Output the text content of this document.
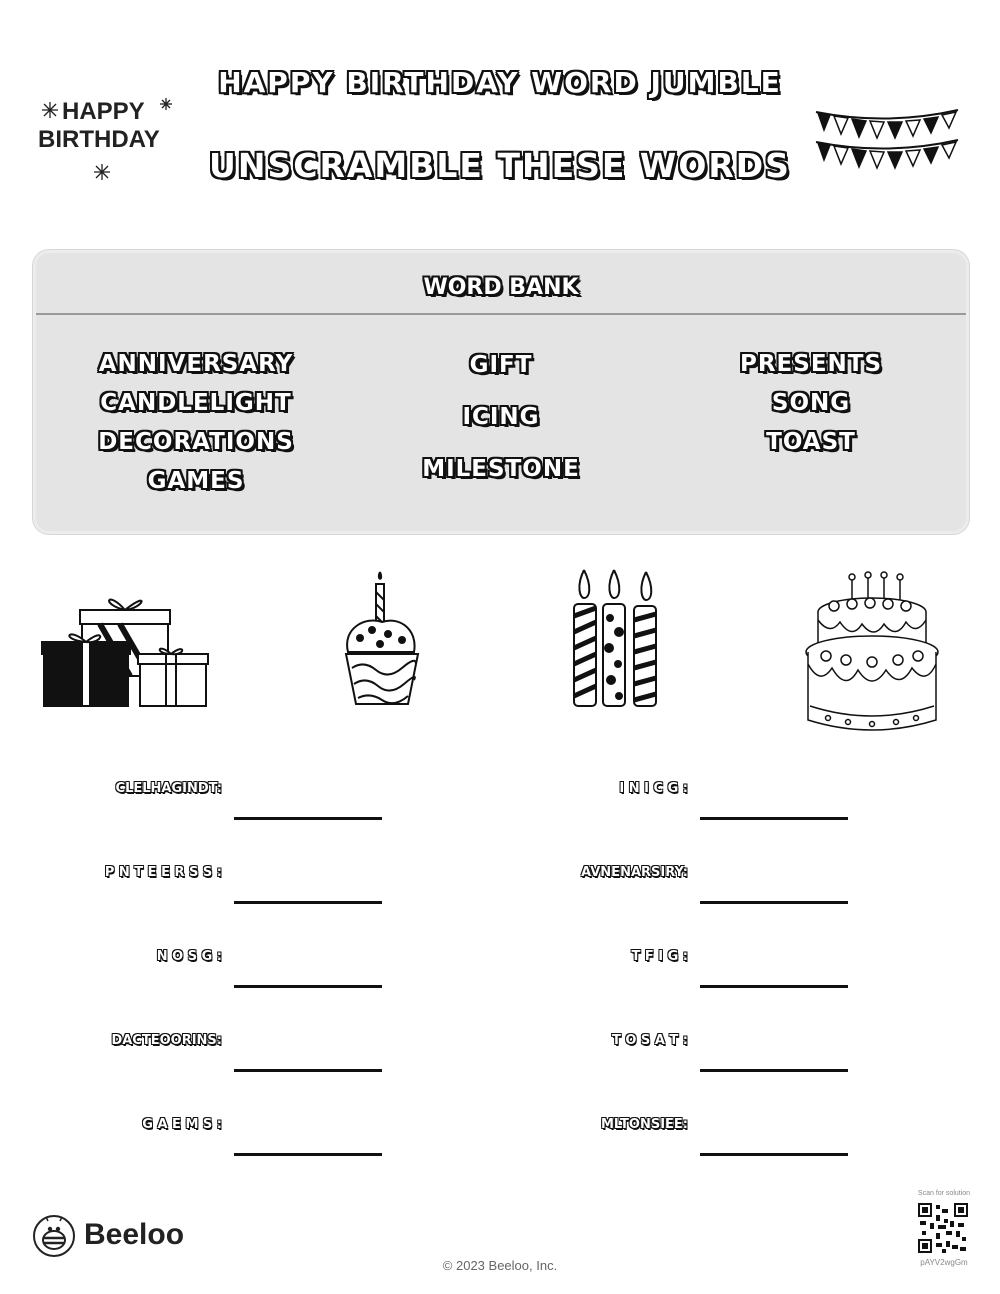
HAPPY BIRTHDAY WORD JUMBLE
UNSCRAMBLE THESE WORDS
HAPPY
BIRTHDAY
WORD BANK
ANNIVERSARY
CANDLELIGHT
DECORATIONS
GAMES
GIFT
ICING
MILESTONE
PRESENTS
SONG
TOAST
CLELHAGINDT:	I N I C G :
P N T E E R S S :	AVNENARSIRY:
N O S G :	T F I G :
DACTEOORINS:	T O S A T :
G A E M S :	MLTONSIEE:
Beeloo
© 2023 Beeloo, Inc.
Scan for solution
pAYV2wgGm
